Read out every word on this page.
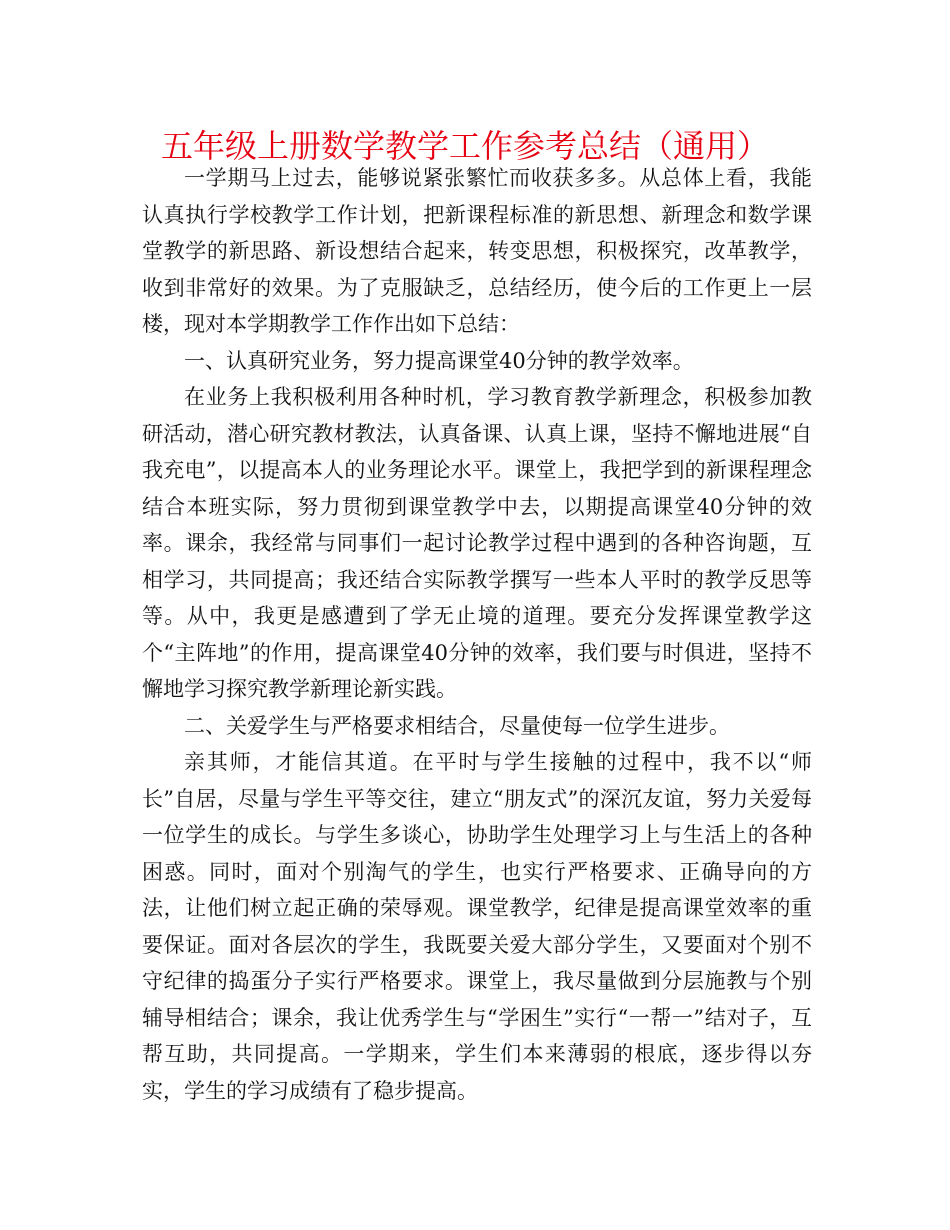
五年级上册数学教学工作参考总结（通用）

一学期马上过去，能够说紧张繁忙而收获多多。从总体上看，我能认真执行学校教学工作计划，把新课程标准的新思想、新理念和数学课堂教学的新思路、新设想结合起来，转变思想，积极探究，改革教学，收到非常好的效果。为了克服缺乏，总结经历，使今后的工作更上一层楼，现对本学期教学工作作出如下总结：

一、认真研究业务，努力提高课堂40分钟的教学效率。

在业务上我积极利用各种时机，学习教育教学新理念，积极参加教研活动，潜心研究教材教法，认真备课、认真上课，坚持不懈地进展“自我充电”，以提高本人的业务理论水平。课堂上，我把学到的新课程理念结合本班实际，努力贯彻到课堂教学中去，以期提高课堂40分钟的效率。课余，我经常与同事们一起讨论教学过程中遇到的各种咨询题，互相学习，共同提高；我还结合实际教学撰写一些本人平时的教学反思等等。从中，我更是感遭到了学无止境的道理。要充分发挥课堂教学这个“主阵地”的作用，提高课堂40分钟的效率，我们要与时俱进，坚持不懈地学习探究教学新理论新实践。

二、关爱学生与严格要求相结合，尽量使每一位学生进步。

亲其师，才能信其道。在平时与学生接触的过程中，我不以“师长”自居，尽量与学生平等交往，建立“朋友式”的深沉友谊，努力关爱每一位学生的成长。与学生多谈心，协助学生处理学习上与生活上的各种困惑。同时，面对个别淘气的学生，也实行严格要求、正确导向的方法，让他们树立起正确的荣辱观。课堂教学，纪律是提高课堂效率的重要保证。面对各层次的学生，我既要关爱大部分学生，又要面对个别不守纪律的捣蛋分子实行严格要求。课堂上，我尽量做到分层施教与个别辅导相结合；课余，我让优秀学生与“学困生”实行“一帮一”结对子，互帮互助，共同提高。一学期来，学生们本来薄弱的根底，逐步得以夯实，学生的学习成绩有了稳步提高。
